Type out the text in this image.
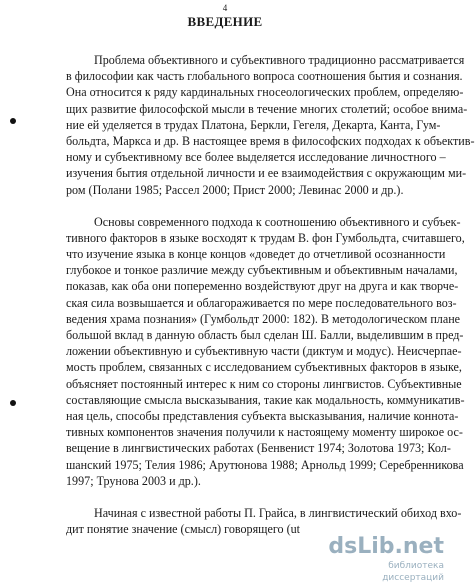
4
ВВЕДЕНИЕ
Проблема объективного и субъективного традиционно рассматривается
в философии как часть глобального вопроса соотношения бытия и сознания.
Она относится к ряду кардинальных гносеологических проблем, определяю-
щих развитие философской мысли в течение многих столетий; особое внима-
ние ей уделяется в трудах Платона, Беркли, Гегеля, Декарта, Канта, Гум-
больдта, Маркса и др. В настоящее время в философских подходах к объектив-
ному и субъективному все более выделяется исследование личностного –
изучения бытия отдельной личности и ее взаимодействия с окружающим ми-
ром (Полани 1985; Рассел 2000; Прист 2000; Левинас 2000 и др.).
Основы современного подхода к соотношению объективного и субъек-
тивного факторов в языке восходят к трудам В. фон Гумбольдта, считавшего,
что изучение языка в конце концов «доведет до отчетливой осознанности
глубокое и тонкое различие между субъективным и объективным началами,
показав, как оба они попеременно воздействуют друг на друга и как творче-
ская сила возвышается и облагораживается по мере последовательного воз-
ведения храма познания» (Гумбольдт 2000: 182). В методологическом плане
большой вклад в данную область был сделан Ш. Балли, выделившим в пред-
ложении объективную и субъективную части (диктум и модус). Неисчерпае-
мость проблем, связанных с исследованием субъективных факторов в языке,
объясняет постоянный интерес к ним со стороны лингвистов. Субъективные
составляющие смысла высказывания, такие как модальность, коммуникатив-
ная цель, способы представления субъекта высказывания, наличие коннота-
тивных компонентов значения получили к настоящему моменту широкое ос-
вещение в лингвистических работах (Бенвенист 1974; Золотова 1973; Кол-
шанский 1975; Телия 1986; Арутюнова 1988; Арнольд 1999; Серебренникова
1997; Трунова 2003 и др.).
Начиная с известной работы П. Грайса, в лингвистический обиход вхо-
дит понятие значение (смысл) говорящего (ut
dsLib.net
библиотека диссертаций
